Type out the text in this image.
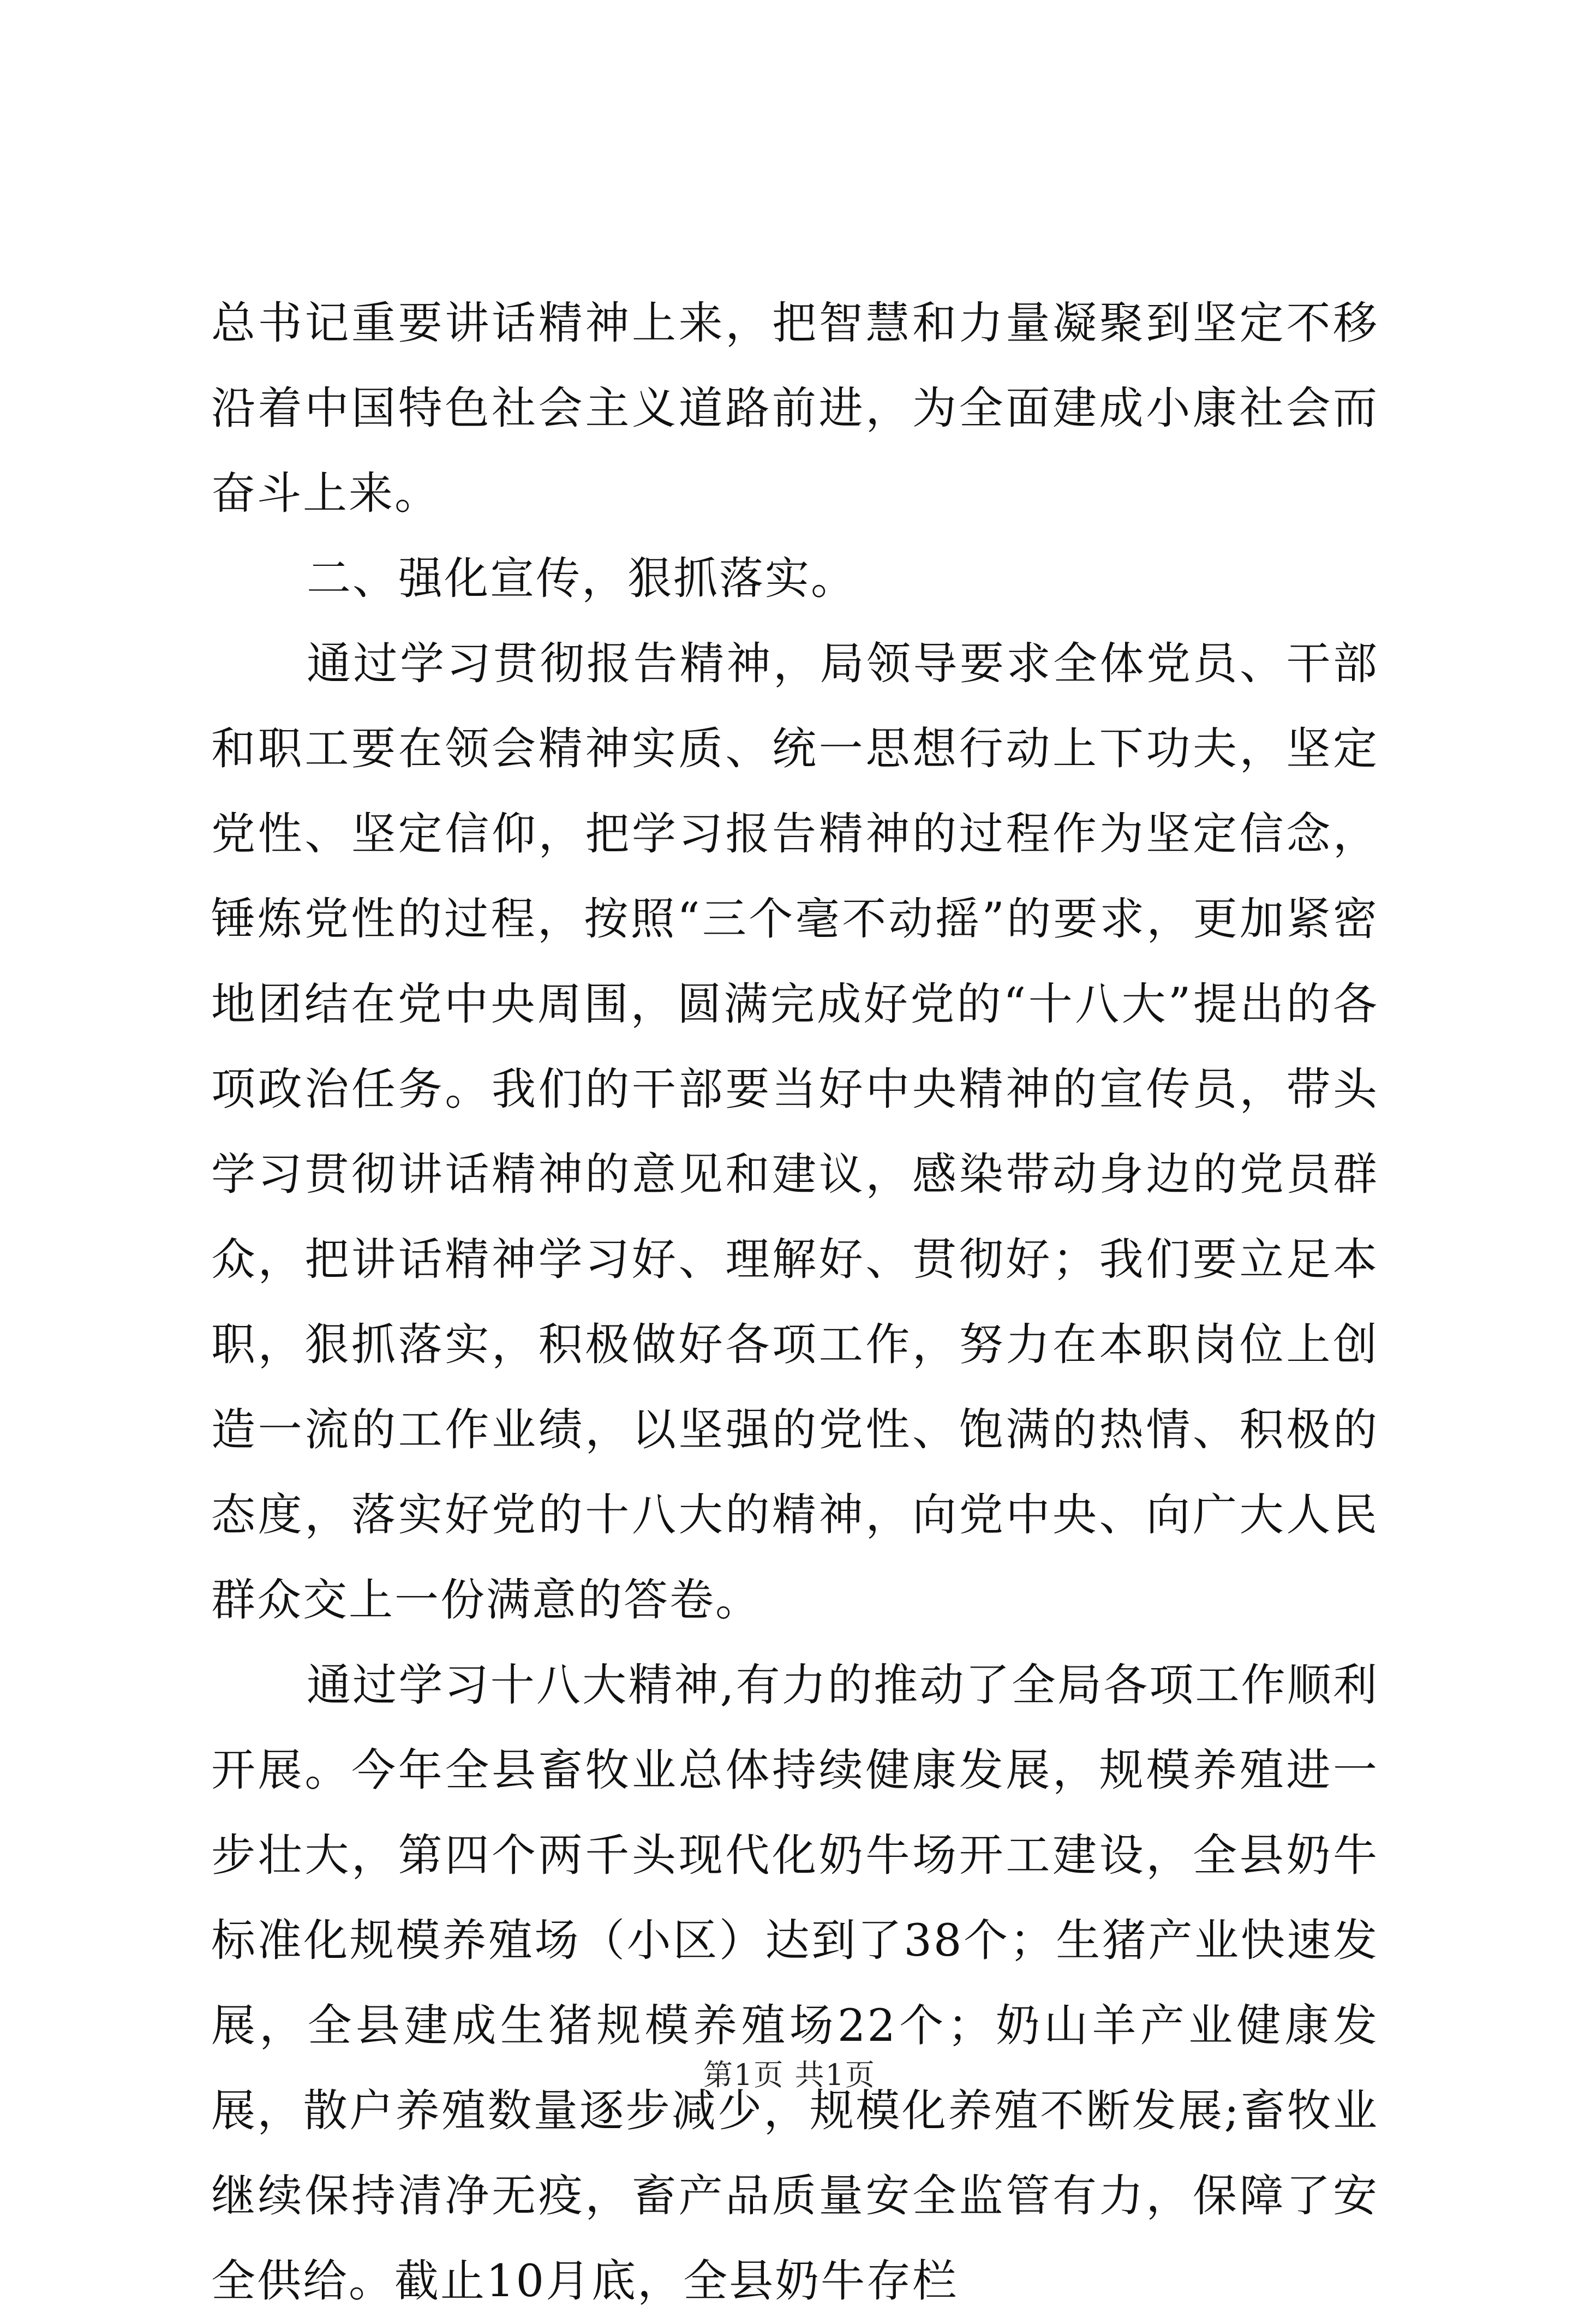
总书记重要讲话精神上来，把智慧和力量凝聚到坚定不移沿着中国特色社会主义道路前进，为全面建成小康社会而奋斗上来。

二、强化宣传，狠抓落实。

通过学习贯彻报告精神，局领导要求全体党员、干部和职工要在领会精神实质、统一思想行动上下功夫，坚定党性、坚定信仰，把学习报告精神的过程作为坚定信念，锤炼党性的过程，按照“三个毫不动摇”的要求，更加紧密地团结在党中央周围，圆满完成好党的“十八大”提出的各项政治任务。我们的干部要当好中央精神的宣传员，带头学习贯彻讲话精神的意见和建议，感染带动身边的党员群众，把讲话精神学习好、理解好、贯彻好；我们要立足本职，狠抓落实，积极做好各项工作，努力在本职岗位上创造一流的工作业绩，以坚强的党性、饱满的热情、积极的态度，落实好党的十八大的精神，向党中央、向广大人民群众交上一份满意的答卷。

通过学习十八大精神,有力的推动了全局各项工作顺利开展。今年全县畜牧业总体持续健康发展，规模养殖进一步壮大，第四个两千头现代化奶牛场开工建设，全县奶牛标准化规模养殖场（小区）达到了38个；生猪产业快速发展，全县建成生猪规模养殖场22个；奶山羊产业健康发展，散户养殖数量逐步减少，规模化养殖不断发展;畜牧业继续保持清净无疫，畜产品质量安全监管有力，保障了安全供给。截止10月底，全县奶牛存栏

第1页 共1页
